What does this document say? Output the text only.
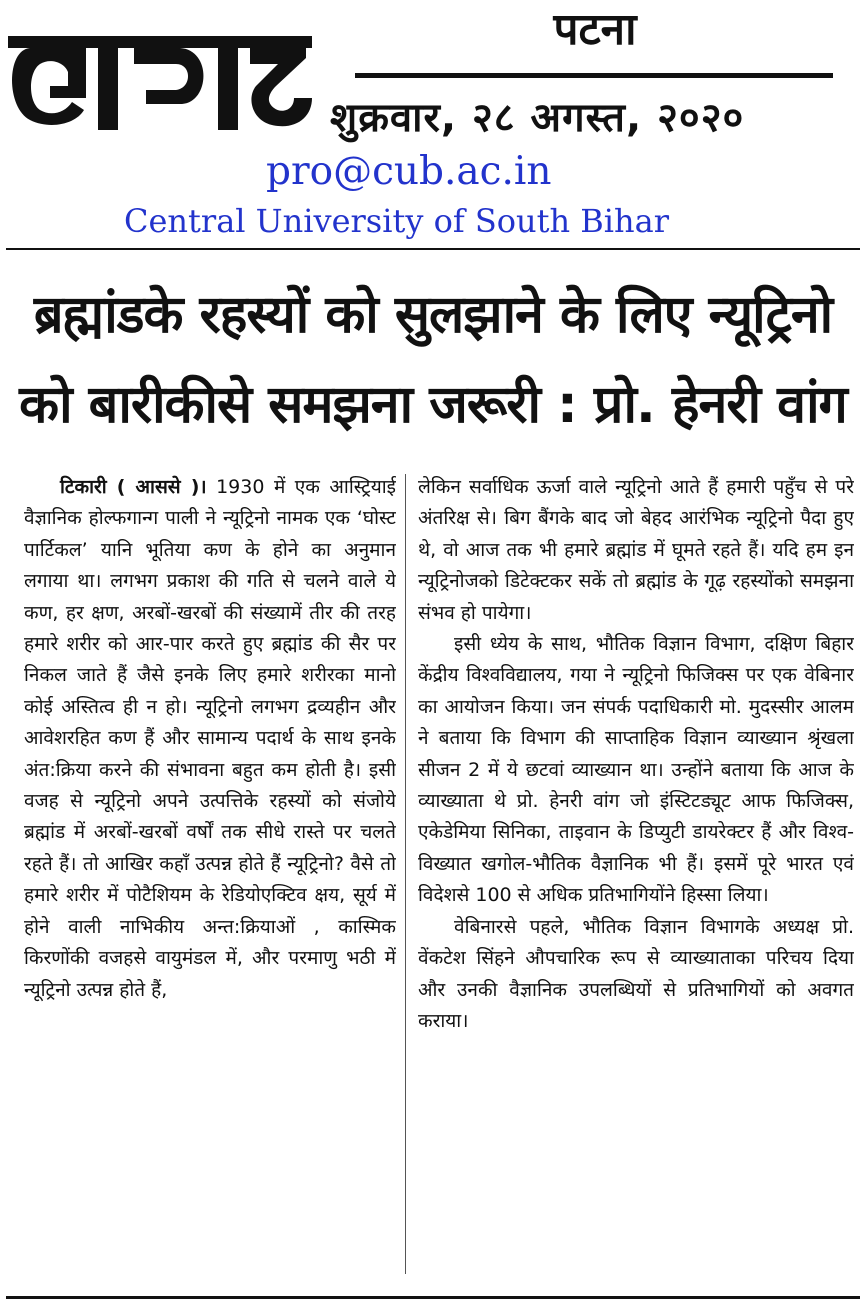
आज	पटना
शुक्रवार, २८ अगस्त, २०२०
pro@cub.ac.in
Central University of South Bihar
ब्रह्मांडके रहस्यों को सुलझाने के लिए न्यूट्रिनो
को बारीकीसे समझना जरूरी : प्रो. हेनरी वांग

टिकारी ( आससे )। 1930 में एक आस्ट्रियाई वैज्ञानिक होल्फगान्ग पाली ने न्यूट्रिनो नामक एक ‘घोस्ट पार्टिकल’ यानि भूतिया कण के होने का अनुमान लगाया था। लगभग प्रकाश की गति से चलने वाले ये कण, हर क्षण, अरबों-खरबों की संख्यामें तीर की तरह हमारे शरीर को आर-पार करते हुए ब्रह्मांड की सैर पर निकल जाते हैं जैसे इनके लिए हमारे शरीरका मानो कोई अस्तित्व ही न हो। न्यूट्रिनो लगभग द्रव्यहीन और आवेशरहित कण हैं और सामान्य पदार्थ के साथ इनके अंत:क्रिया करने की संभावना बहुत कम होती है। इसी वजह से न्यूट्रिनो अपने उत्पत्तिके रहस्यों को संजोये ब्रह्मांड में अरबों-खरबों वर्षों तक सीधे रास्ते पर चलते रहते हैं। तो आखिर कहाँ उत्पन्न होते हैं न्यूट्रिनो? वैसे तो हमारे शरीर में पोटैशियम के रेडियोएक्टिव क्षय, सूर्य में होने वाली नाभिकीय अन्त:क्रियाओं , कास्मिक किरणोंकी वजहसे वायुमंडल में, और परमाणु भठी में न्यूट्रिनो उत्पन्न होते हैं,

लेकिन सर्वाधिक ऊर्जा वाले न्यूट्रिनो आते हैं हमारी पहुँच से परे अंतरिक्ष से। बिग बैंगके बाद जो बेहद आरंभिक न्यूट्रिनो पैदा हुए थे, वो आज तक भी हमारे ब्रह्मांड में घूमते रहते हैं। यदि हम इन न्यूट्रिनोजको डिटेक्टकर सकें तो ब्रह्मांड के गूढ़ रहस्योंको समझना संभव हो पायेगा।

इसी ध्येय के साथ, भौतिक विज्ञान विभाग, दक्षिण बिहार केंद्रीय विश्वविद्यालय, गया ने न्यूट्रिनो फिजिक्स पर एक वेबिनार का आयोजन किया। जन संपर्क पदाधिकारी मो. मुदस्सीर आलम ने बताया कि विभाग की साप्ताहिक विज्ञान व्याख्यान श्रृंखला सीजन 2 में ये छटवां व्याख्यान था। उन्होंने बताया कि आज के व्याख्याता थे प्रो. हेनरी वांग जो इंस्टिटड्यूट आफ फिजिक्स, एकेडेमिया सिनिका, ताइवान के डिप्युटी डायरेक्टर हैं और विश्व-विख्यात खगोल-भौतिक वैज्ञानिक भी हैं। इसमें पूरे भारत एवं विदेशसे 100 से अधिक प्रतिभागियोंने हिस्सा लिया।

वेबिनारसे पहले, भौतिक विज्ञान विभागके अध्यक्ष प्रो. वेंकटेश सिंहने औपचारिक रूप से व्याख्याताका परिचय दिया और उनकी वैज्ञानिक उपलब्धियों से प्रतिभागियों को अवगत कराया।
